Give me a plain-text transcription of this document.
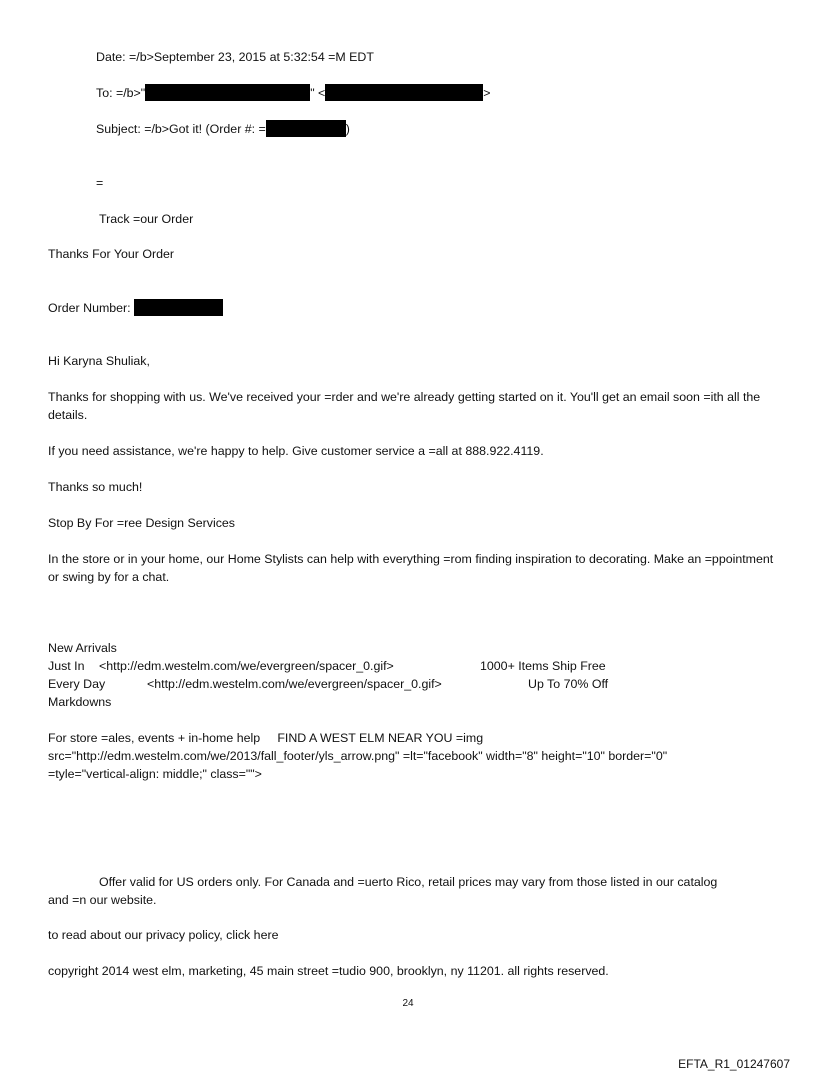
Date: =/b>September 23, 2015 at 5:32:54 =M EDT
To: =/b>"	" <	>
Subject: =/b>Got it! (Order #: =	)
=
Track =our Order
Thanks For Your Order
Order Number:
Hi Karyna Shuliak,
Thanks for shopping with us. We've received your =rder and we're already getting started on it. You'll get an email soon =ith all the details.
If you need assistance, we're happy to help. Give customer service a =all at 888.922.4119.
Thanks so much!
Stop By For =ree Design Services
In the store or in your home, our Home Stylists can help with everything =rom finding inspiration to decorating. Make an =ppointment or swing by for a chat.
New Arrivals
Just In <http://edm.westelm.com/we/evergreen/spacer_0.gif>	1000+ Items Ship Free
Every Day	<http://edm.westelm.com/we/evergreen/spacer_0.gif>	Up To 70% Off
Markdowns
For store =ales, events + in-home help     FIND A WEST ELM NEAR YOU =img
src="http://edm.westelm.com/we/2013/fall_footer/yls_arrow.png" =lt="facebook" width="8" height="10" border="0"
=tyle="vertical-align: middle;" class="">
Offer valid for US orders only. For Canada and =uerto Rico, retail prices may vary from those listed in our catalog and =n our website.
to read about our privacy policy, click here
copyright 2014 west elm, marketing, 45 main street =tudio 900, brooklyn, ny 11201. all rights reserved.
24
EFTA_R1_01247607
